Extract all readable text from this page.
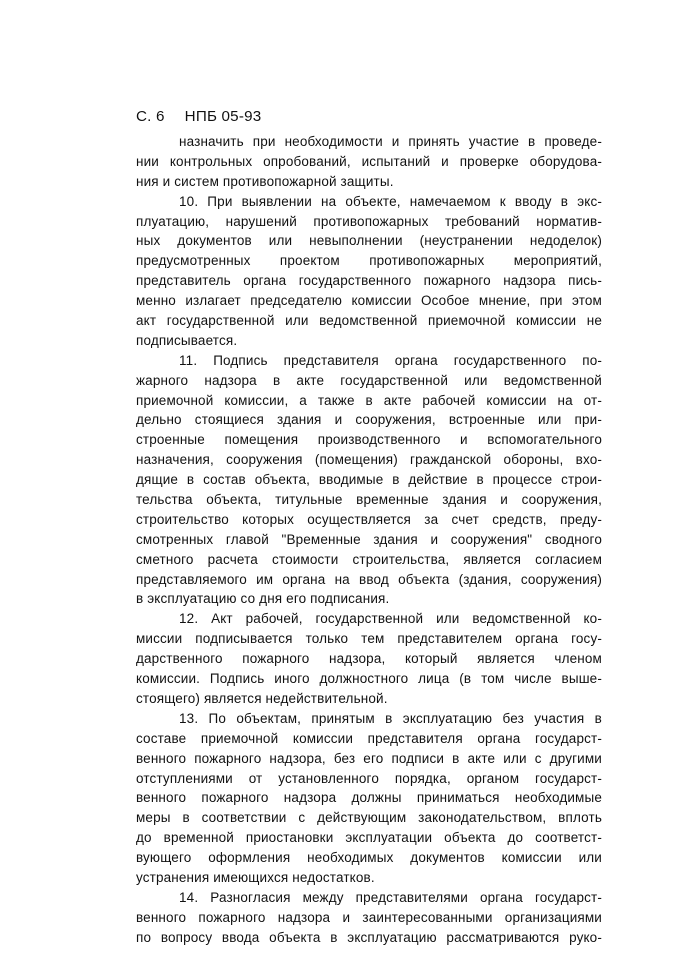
С. 6 НПБ 05-93
назначить при необходимости и принять участие в проведе-
нии контрольных опробований, испытаний и проверке оборудова-
ния и систем противопожарной защиты.
10. При выявлении на объекте, намечаемом к вводу в экс-
плуатацию, нарушений противопожарных требований норматив-
ных документов или невыполнении (неустранении недоделок)
предусмотренных проектом противопожарных мероприятий,
представитель органа государственного пожарного надзора пись-
менно излагает председателю комиссии Особое мнение, при этом
акт государственной или ведомственной приемочной комиссии не
подписывается.
11. Подпись представителя органа государственного по-
жарного надзора в акте государственной или ведомственной
приемочной комиссии, а также в акте рабочей комиссии на от-
дельно стоящиеся здания и сооружения, встроенные или при-
строенные помещения производственного и вспомогательного
назначения, сооружения (помещения) гражданской обороны, вхо-
дящие в состав объекта, вводимые в действие в процессе строи-
тельства объекта, титульные временные здания и сооружения,
строительство которых осуществляется за счет средств, преду-
смотренных главой "Временные здания и сооружения" сводного
сметного расчета стоимости строительства, является согласием
представляемого им органа на ввод объекта (здания, сооружения)
в эксплуатацию со дня его подписания.
12. Акт рабочей, государственной или ведомственной ко-
миссии подписывается только тем представителем органа госу-
дарственного пожарного надзора, который является членом
комиссии. Подпись иного должностного лица (в том числе выше-
стоящего) является недействительной.
13. По объектам, принятым в эксплуатацию без участия в
составе приемочной комиссии представителя органа государст-
венного пожарного надзора, без его подписи в акте или с другими
отступлениями от установленного порядка, органом государст-
венного пожарного надзора должны приниматься необходимые
меры в соответствии с действующим законодательством, вплоть
до временной приостановки эксплуатации объекта до соответст-
вующего оформления необходимых документов комиссии или
устранения имеющихся недостатков.
14. Разногласия между представителями органа государст-
венного пожарного надзора и заинтересованными организациями
по вопросу ввода объекта в эксплуатацию рассматриваются руко-
